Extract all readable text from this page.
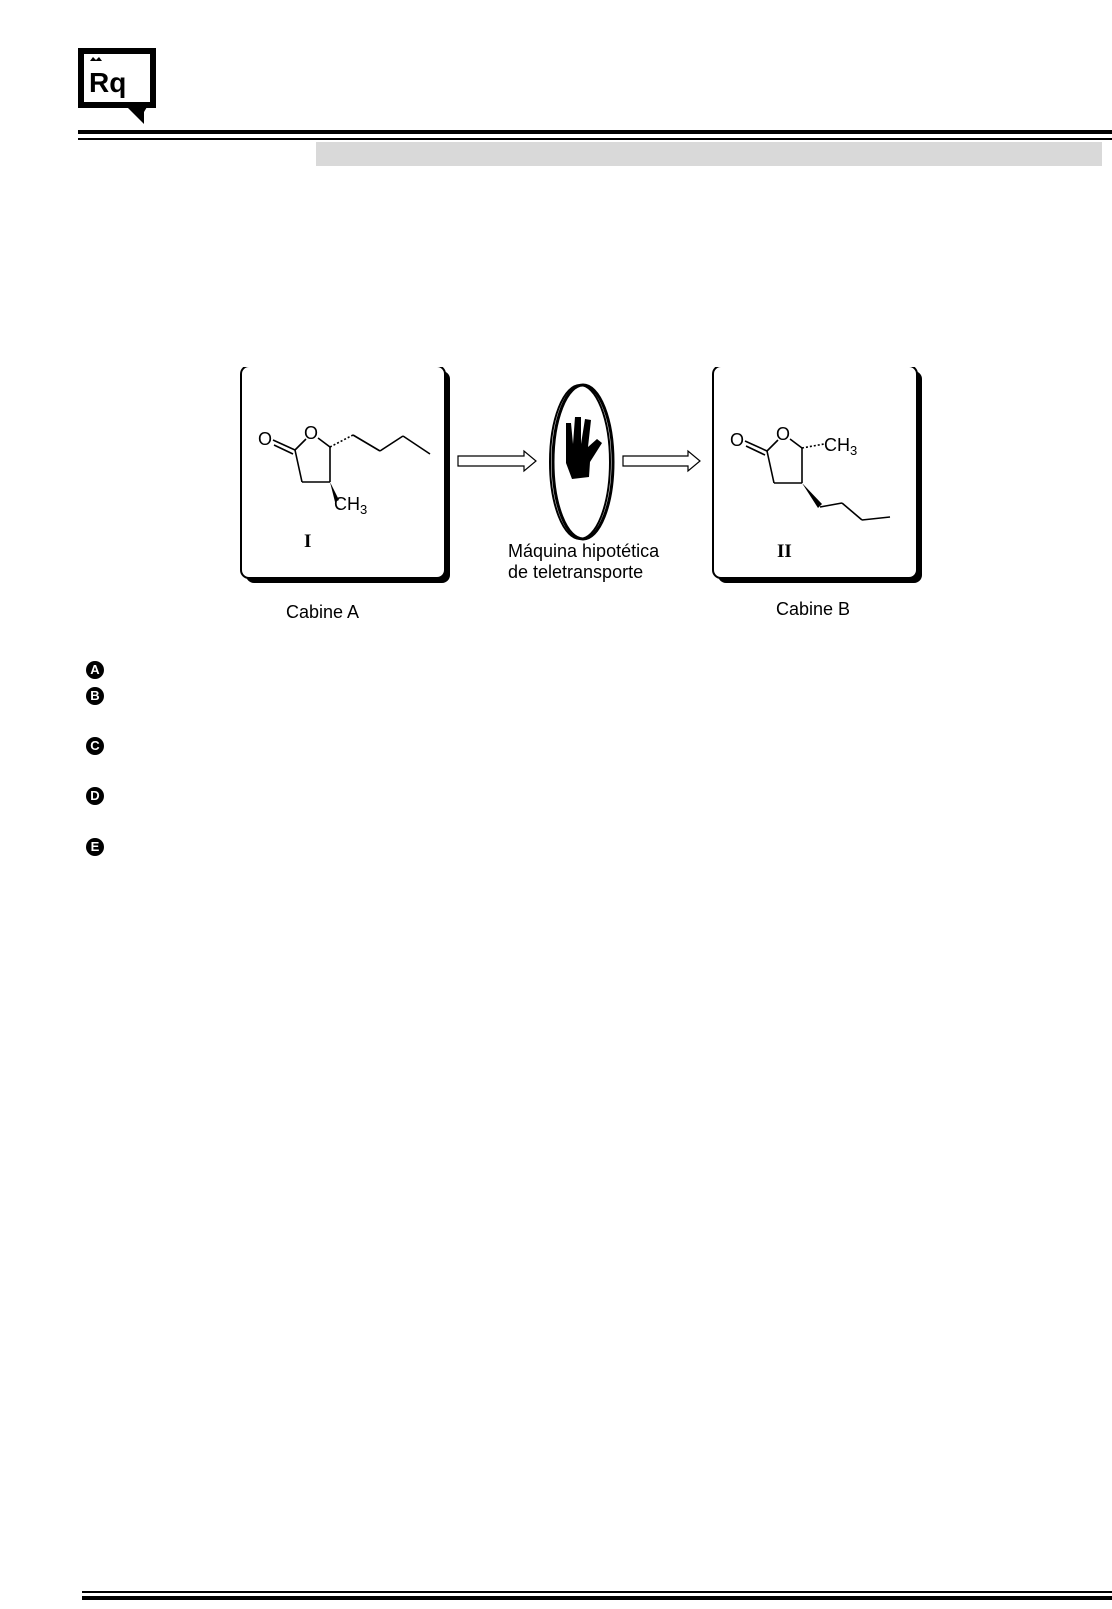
Rq
O O
CH 3
I	Máquina hipotética
de teletransporte
O O
CH 3
II
Cabine A	Cabine B
A
B
C
D
E
